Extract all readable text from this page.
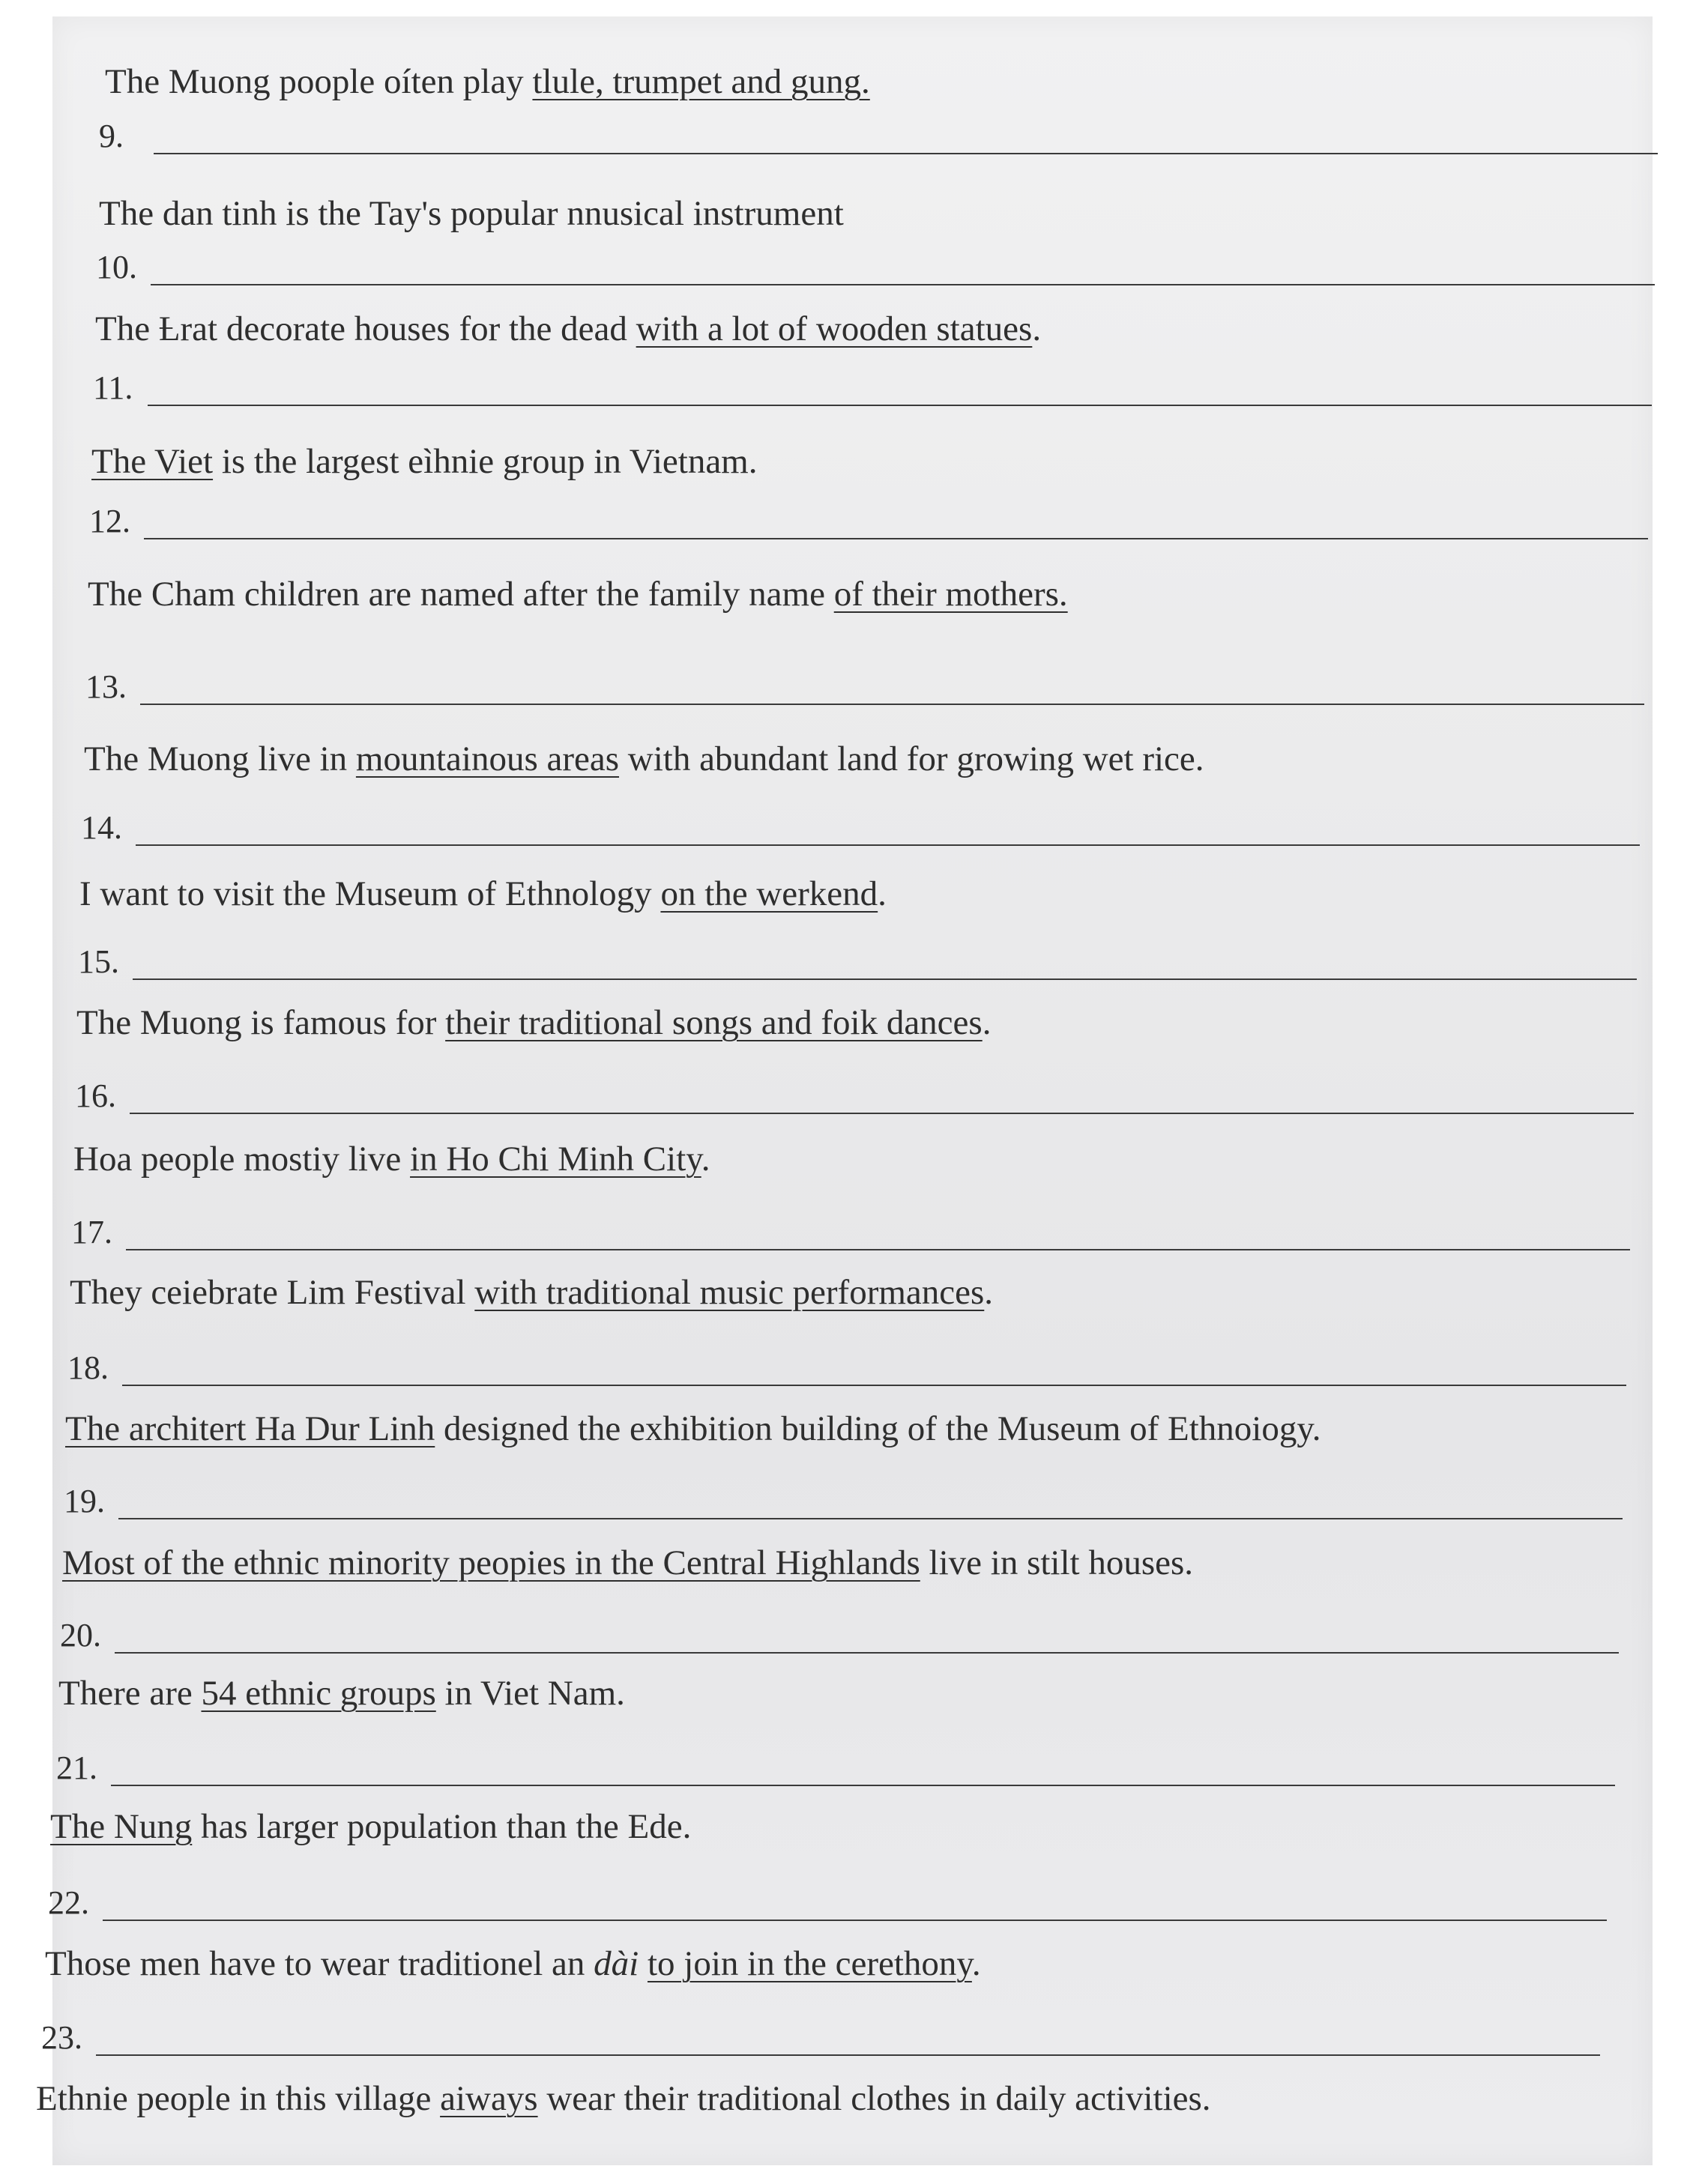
The Muong poople oíten play tlule, trumpet and gung.

9.

The dan tinh is the Tay's popular nnusical instrument

10.

The Ƚrat decorate houses for the dead with a lot of wooden statues.

11.

The Viet is the largest eìhnie group in Vietnam.

12.

The Cham children are named after the family name of their mothers.

13.

The Muong live in mountainous areas with abundant land for growing wet rice.

14.

I want to visit the Museum of Ethnology on the werkend.

15.

The Muong is famous for their traditional songs and foik dances.

16.

Hoa people mostiy live in Ho Chi Minh City.

17.

They ceiebrate Lim Festival with traditional music performances.

18.

The architert Ha Dur Linh designed the exhibition building of the Museum of Ethnoiogy.

19.

Most of the ethnic minority peopies in the Central Highlands live in stilt houses.

20.

There are 54 ethnic groups in Viet Nam.

21.

The Nung has larger population than the Ede.

22.

Those men have to wear traditionel an dài to join in the cerethony.

23.

Ethnie people in this village aiways wear their traditional clothes in daily activities.
